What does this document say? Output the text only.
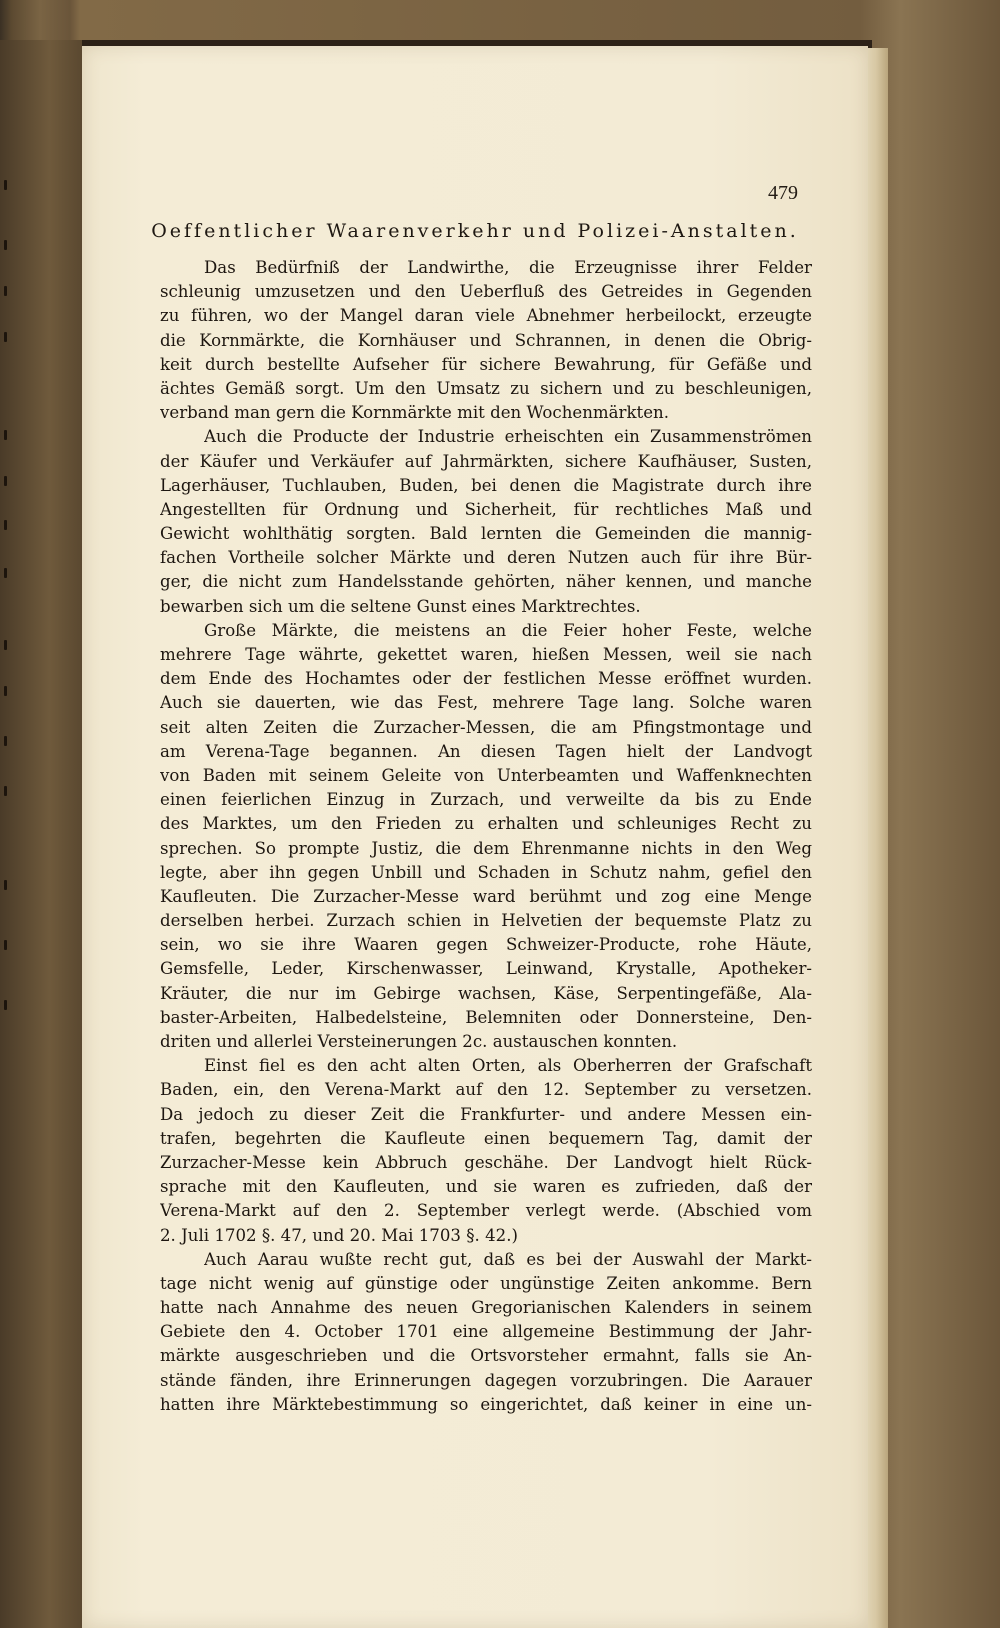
479
Oeffentlicher Waarenverkehr und Polizei-Anstalten.
Das Bedürfniß der Landwirthe, die Erzeugnisse ihrer Felder
schleunig umzusetzen und den Ueberfluß des Getreides in Gegenden
zu führen, wo der Mangel daran viele Abnehmer herbeilockt, erzeugte
die Kornmärkte, die Kornhäuser und Schrannen, in denen die Obrig-
keit durch bestellte Aufseher für sichere Bewahrung, für Gefäße und
ächtes Gemäß sorgt. Um den Umsatz zu sichern und zu beschleunigen,
verband man gern die Kornmärkte mit den Wochenmärkten.
Auch die Producte der Industrie erheischten ein Zusammenströmen
der Käufer und Verkäufer auf Jahrmärkten, sichere Kaufhäuser, Susten,
Lagerhäuser, Tuchlauben, Buden, bei denen die Magistrate durch ihre
Angestellten für Ordnung und Sicherheit, für rechtliches Maß und
Gewicht wohlthätig sorgten. Bald lernten die Gemeinden die mannig-
fachen Vortheile solcher Märkte und deren Nutzen auch für ihre Bür-
ger, die nicht zum Handelsstande gehörten, näher kennen, und manche
bewarben sich um die seltene Gunst eines Marktrechtes.
Große Märkte, die meistens an die Feier hoher Feste, welche
mehrere Tage währte, gekettet waren, hießen Messen, weil sie nach
dem Ende des Hochamtes oder der festlichen Messe eröffnet wurden.
Auch sie dauerten, wie das Fest, mehrere Tage lang. Solche waren
seit alten Zeiten die Zurzacher-Messen, die am Pfingstmontage und
am Verena-Tage begannen. An diesen Tagen hielt der Landvogt
von Baden mit seinem Geleite von Unterbeamten und Waffenknechten
einen feierlichen Einzug in Zurzach, und verweilte da bis zu Ende
des Marktes, um den Frieden zu erhalten und schleuniges Recht zu
sprechen. So prompte Justiz, die dem Ehrenmanne nichts in den Weg
legte, aber ihn gegen Unbill und Schaden in Schutz nahm, gefiel den
Kaufleuten. Die Zurzacher-Messe ward berühmt und zog eine Menge
derselben herbei. Zurzach schien in Helvetien der bequemste Platz zu
sein, wo sie ihre Waaren gegen Schweizer-Producte, rohe Häute,
Gemsfelle, Leder, Kirschenwasser, Leinwand, Krystalle, Apotheker-
Kräuter, die nur im Gebirge wachsen, Käse, Serpentingefäße, Ala-
baster-Arbeiten, Halbedelsteine, Belemniten oder Donnersteine, Den-
driten und allerlei Versteinerungen 2c. austauschen konnten.
Einst fiel es den acht alten Orten, als Oberherren der Grafschaft
Baden, ein, den Verena-Markt auf den 12. September zu versetzen.
Da jedoch zu dieser Zeit die Frankfurter- und andere Messen ein-
trafen, begehrten die Kaufleute einen bequemern Tag, damit der
Zurzacher-Messe kein Abbruch geschähe. Der Landvogt hielt Rück-
sprache mit den Kaufleuten, und sie waren es zufrieden, daß der
Verena-Markt auf den 2. September verlegt werde. (Abschied vom
2. Juli 1702 §. 47, und 20. Mai 1703 §. 42.)
Auch Aarau wußte recht gut, daß es bei der Auswahl der Markt-
tage nicht wenig auf günstige oder ungünstige Zeiten ankomme. Bern
hatte nach Annahme des neuen Gregorianischen Kalenders in seinem
Gebiete den 4. October 1701 eine allgemeine Bestimmung der Jahr-
märkte ausgeschrieben und die Ortsvorsteher ermahnt, falls sie An-
stände fänden, ihre Erinnerungen dagegen vorzubringen. Die Aarauer
hatten ihre Märktebestimmung so eingerichtet, daß keiner in eine un-
